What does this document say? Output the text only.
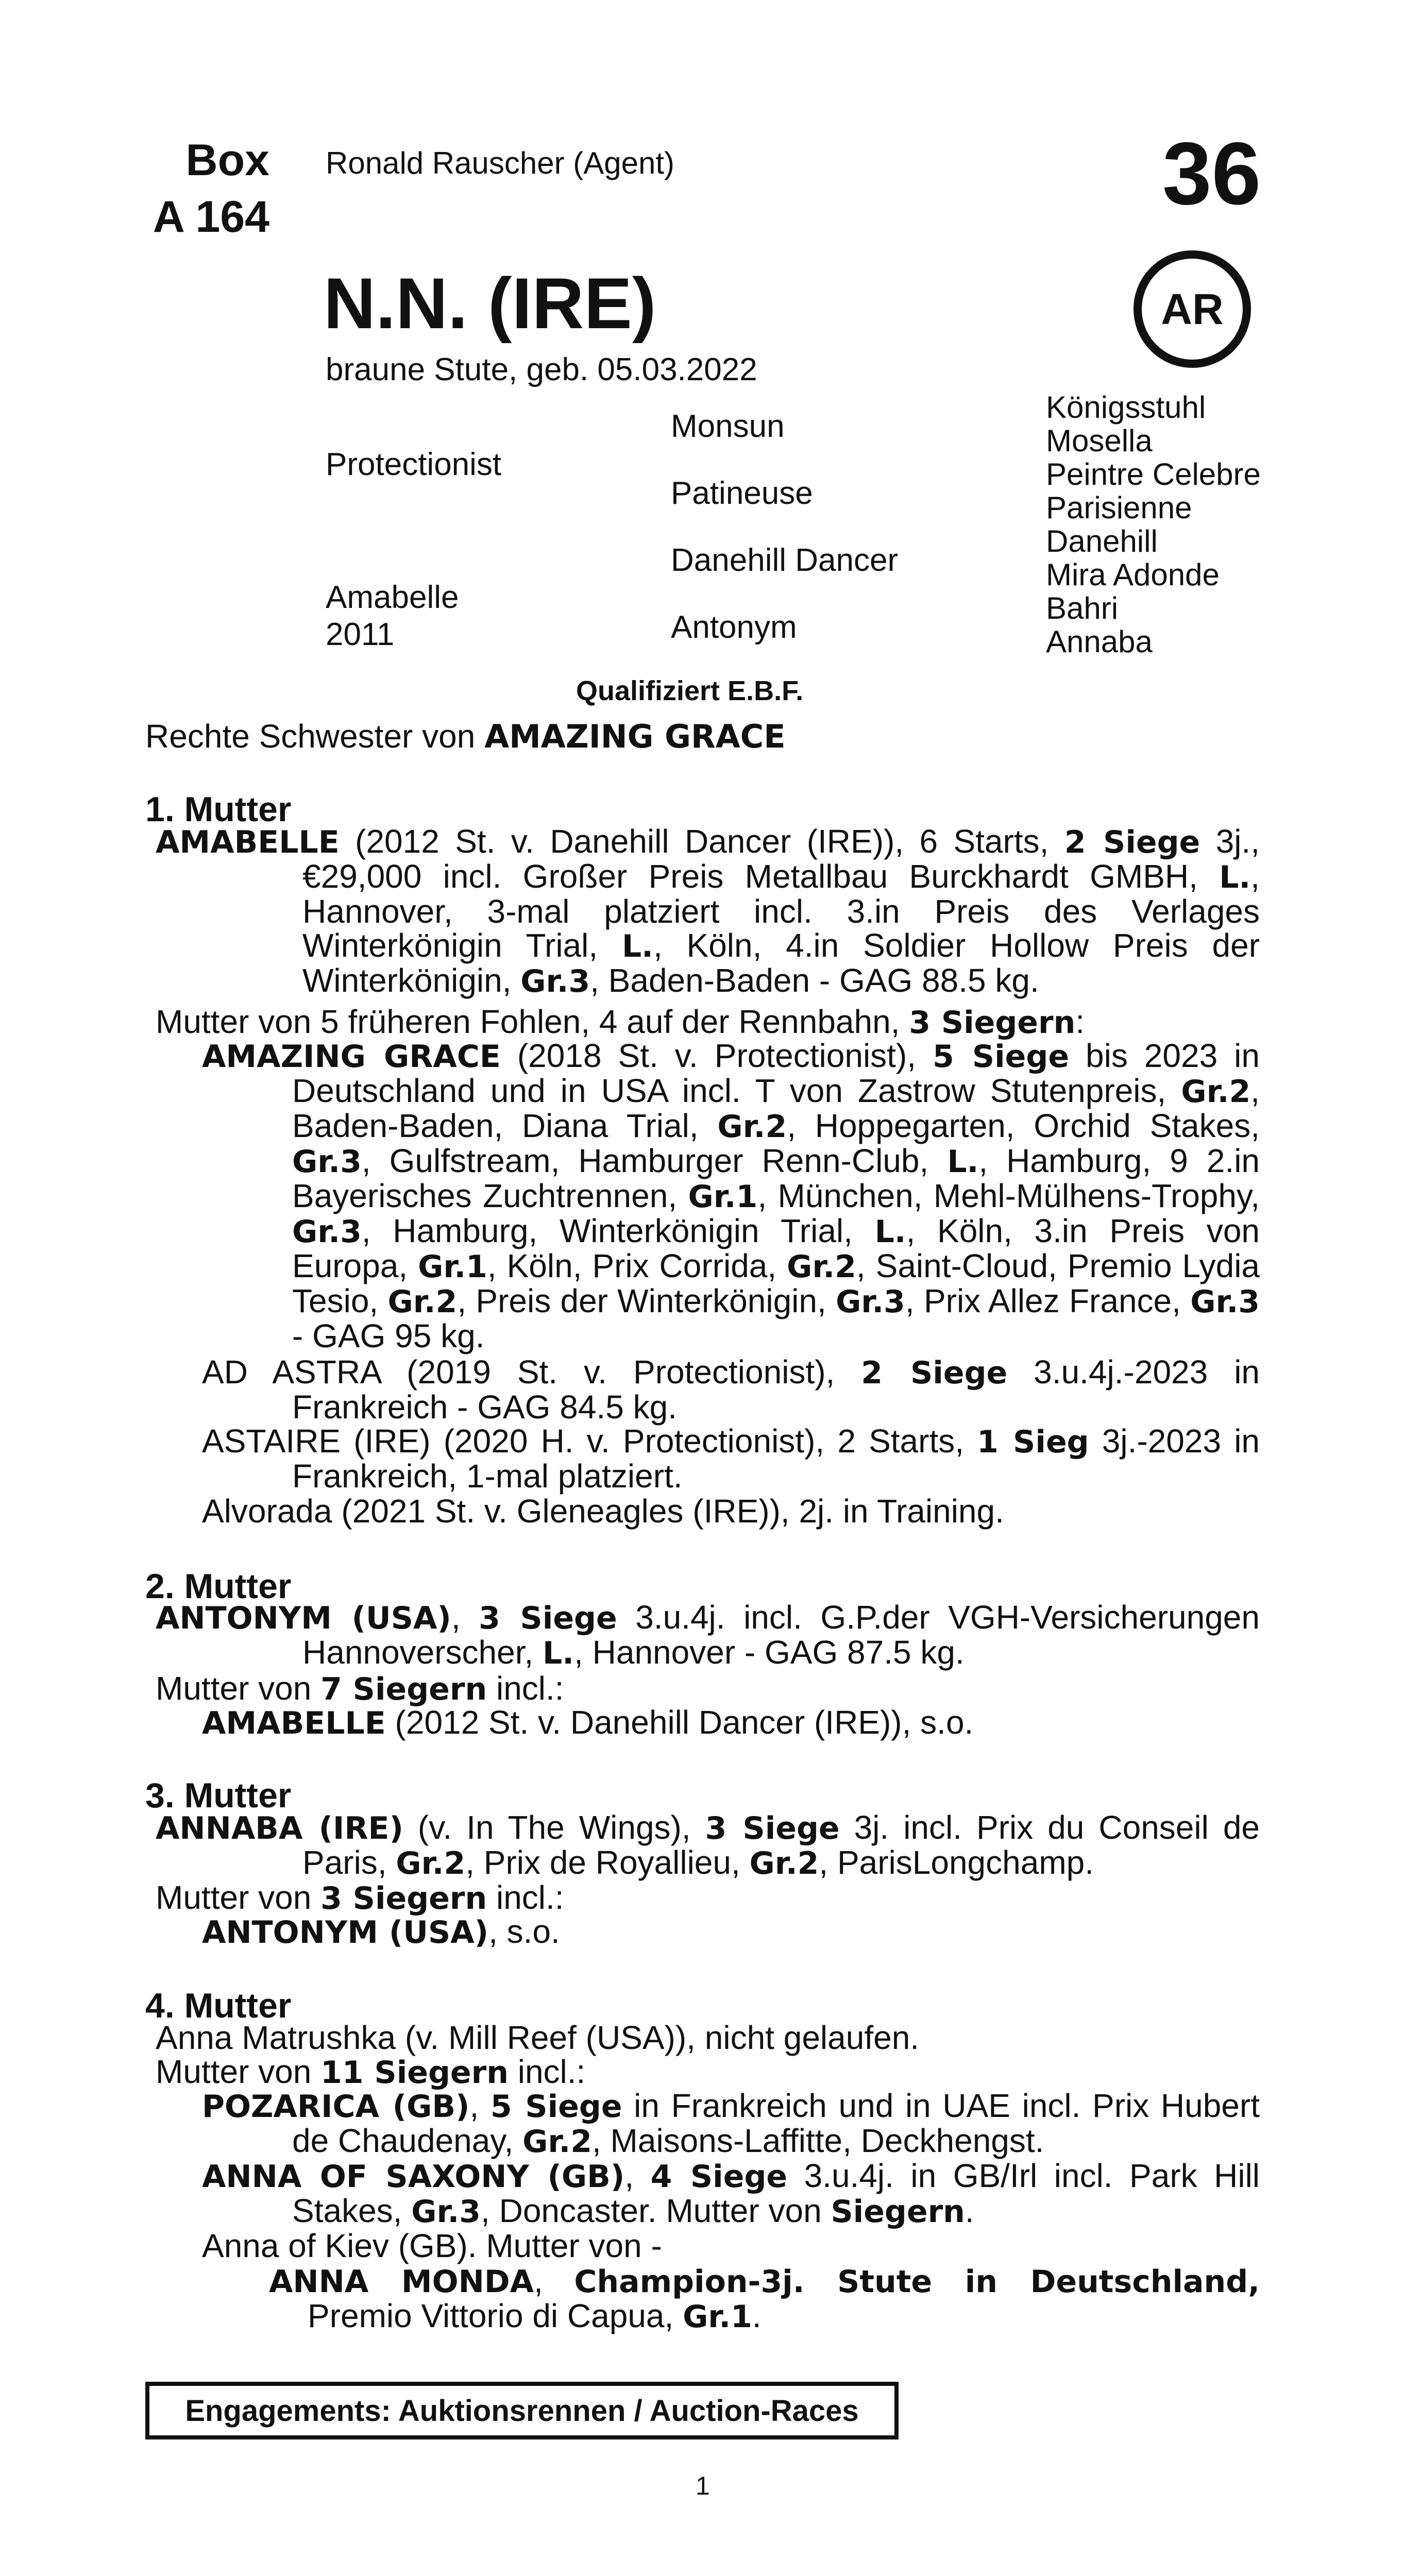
Box
A 164
Ronald Rauscher (Agent)	36
AR
N.N. (IRE)
braune Stute, geb. 05.03.2022
Protectionist
Amabelle
2011
Monsun
Patineuse
Danehill Dancer
Antonym
Königsstuhl
Mosella
Peintre Celebre
Parisienne
Danehill
Mira Adonde
Bahri
Annaba
Qualifiziert E.B.F.
Rechte Schwester von AMAZING GRACE
1. Mutter
AMABELLE (2012 St. v. Danehill Dancer (IRE)), 6 Starts, 2 Siege 3j., €29,000 incl. Großer Preis Metallbau Burckhardt GMBH, L., Hannover, 3-mal platziert incl. 3.in Preis des Verlages Winterkönigin Trial, L., Köln, 4.in Soldier Hollow Preis der Winterkönigin, Gr.3, Baden-Baden - GAG 88.5 kg.
Mutter von 5 früheren Fohlen, 4 auf der Rennbahn, 3 Siegern:
AMAZING GRACE (2018 St. v. Protectionist), 5 Siege bis 2023 in Deutschland und in USA incl. T von Zastrow Stutenpreis, Gr.2, Baden-Baden, Diana Trial, Gr.2, Hoppegarten, Orchid Stakes, Gr.3, Gulfstream, Hamburger Renn-Club, L., Hamburg, 9 2.in Bayerisches Zuchtrennen, Gr.1, München, Mehl-Mülhens-Trophy, Gr.3, Hamburg, Winterkönigin Trial, L., Köln, 3.in Preis von Europa, Gr.1, Köln, Prix Corrida, Gr.2, Saint-Cloud, Premio Lydia Tesio, Gr.2, Preis der Winterkönigin, Gr.3, Prix Allez France, Gr.3 - GAG 95 kg.
AD ASTRA (2019 St. v. Protectionist), 2 Siege 3.u.4j.-2023 in Frankreich - GAG 84.5 kg.
ASTAIRE (IRE) (2020 H. v. Protectionist), 2 Starts, 1 Sieg 3j.-2023 in Frankreich, 1-mal platziert.
Alvorada (2021 St. v. Gleneagles (IRE)), 2j. in Training.
2. Mutter
ANTONYM (USA), 3 Siege 3.u.4j. incl. G.P.der VGH-Versicherungen Hannoverscher, L., Hannover - GAG 87.5 kg.
Mutter von 7 Siegern incl.:
AMABELLE (2012 St. v. Danehill Dancer (IRE)), s.o.
3. Mutter
ANNABA (IRE) (v. In The Wings), 3 Siege 3j. incl. Prix du Conseil de Paris, Gr.2, Prix de Royallieu, Gr.2, ParisLongchamp.
Mutter von 3 Siegern incl.:
ANTONYM (USA), s.o.
4. Mutter
Anna Matrushka (v. Mill Reef (USA)), nicht gelaufen.
Mutter von 11 Siegern incl.:
POZARICA (GB), 5 Siege in Frankreich und in UAE incl. Prix Hubert de Chaudenay, Gr.2, Maisons-Laffitte, Deckhengst.
ANNA OF SAXONY (GB), 4 Siege 3.u.4j. in GB/Irl incl. Park Hill Stakes, Gr.3, Doncaster. Mutter von Siegern.
Anna of Kiev (GB). Mutter von -
ANNA MONDA, Champion-3j. Stute in Deutschland, Premio Vittorio di Capua, Gr.1.
Engagements: Auktionsrennen / Auction-Races
1
